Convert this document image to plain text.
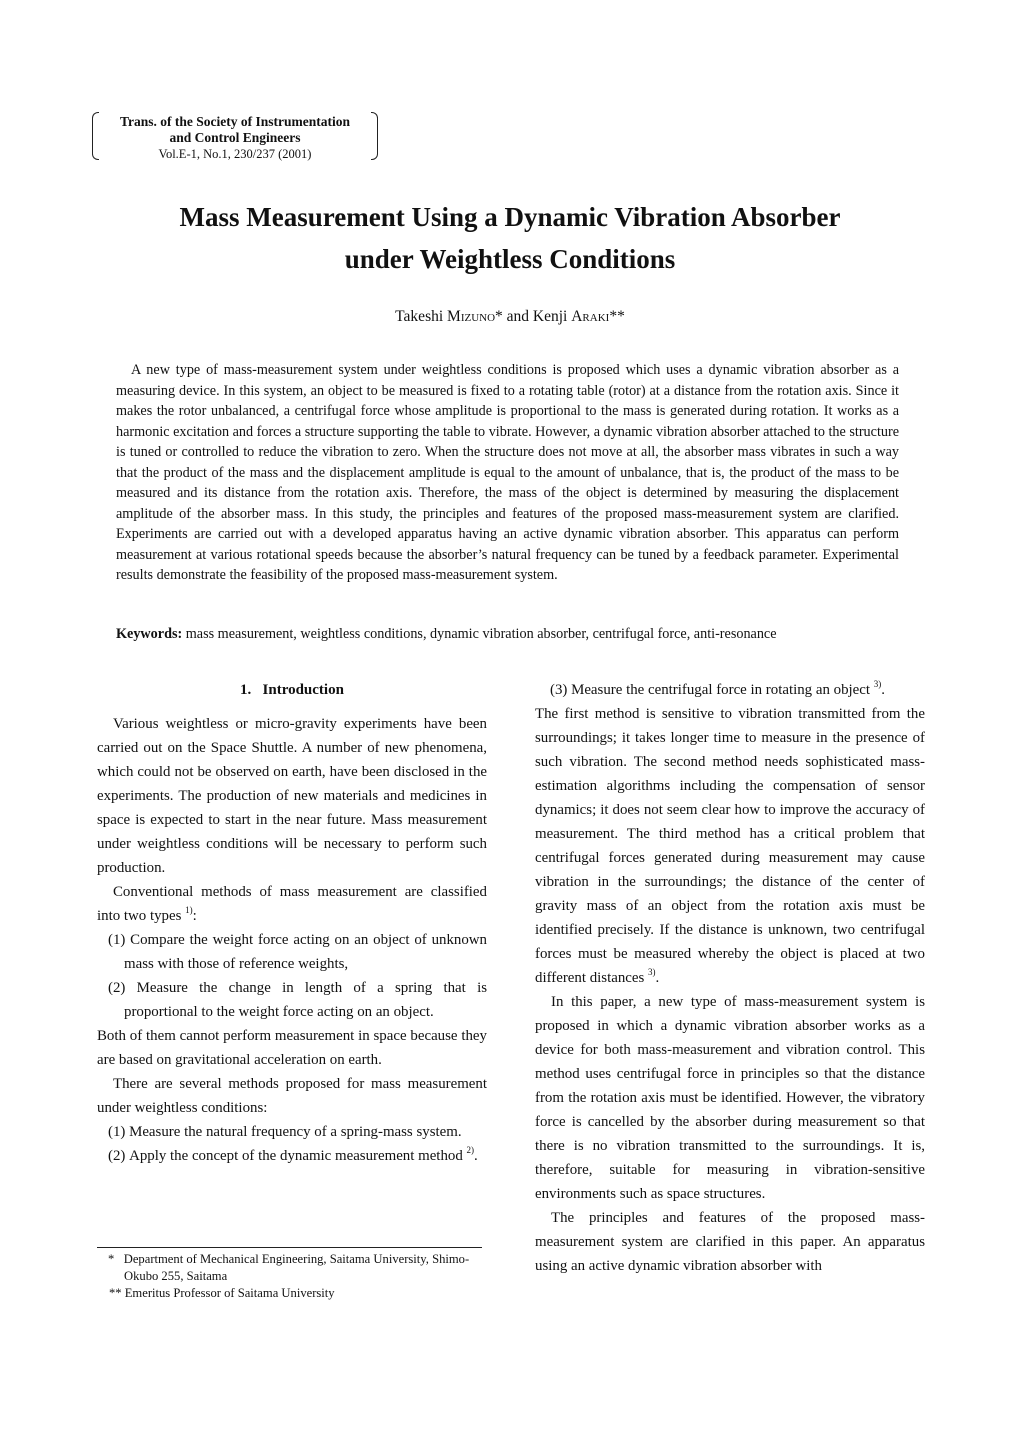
Trans. of the Society of Instrumentation
and Control Engineers
Vol.E-1, No.1, 230/237 (2001)
Mass Measurement Using a Dynamic Vibration Absorber
under Weightless Conditions
Takeshi Mizuno* and Kenji Araki**

A new type of mass-measurement system under weightless conditions is proposed which uses a dynamic vibration absorber as a measuring device. In this system, an object to be measured is fixed to a rotating table (rotor) at a distance from the rotation axis. Since it makes the rotor unbalanced, a centrifugal force whose amplitude is proportional to the mass is generated during rotation. It works as a harmonic excitation and forces a structure supporting the table to vibrate. However, a dynamic vibration absorber attached to the structure is tuned or controlled to reduce the vibration to zero. When the structure does not move at all, the absorber mass vibrates in such a way that the product of the mass and the displacement amplitude is equal to the amount of unbalance, that is, the product of the mass to be measured and its distance from the rotation axis. Therefore, the mass of the object is determined by measuring the displacement amplitude of the absorber mass. In this study, the principles and features of the proposed mass-measurement system are clarified. Experiments are carried out with a developed apparatus having an active dynamic vibration absorber. This apparatus can perform measurement at various rotational speeds because the absorber’s natural frequency can be tuned by a feedback parameter. Experimental results demonstrate the feasibility of the proposed mass-measurement system.

Keywords: mass measurement, weightless conditions, dynamic vibration absorber, centrifugal force, anti-resonance

1.   Introduction

Various weightless or micro-gravity experiments have been carried out on the Space Shuttle. A number of new phenomena, which could not be observed on earth, have been disclosed in the experiments. The production of new materials and medicines in space is expected to start in the near future. Mass measurement under weightless conditions will be necessary to perform such production.

Conventional methods of mass measurement are classified into two types $^{1)}$:

(1) Compare the weight force acting on an object of unknown mass with those of reference weights,

(2) Measure the change in length of a spring that is proportional to the weight force acting on an object.

Both of them cannot perform measurement in space because they are based on gravitational acceleration on earth.

There are several methods proposed for mass measurement under weightless conditions:

(1) Measure the natural frequency of a spring-mass system.

(2) Apply the concept of the dynamic measurement method $^{2)}$.

*   Department of Mechanical Engineering, Saitama University, Shimo-Okubo 255, Saitama

** Emeritus Professor of Saitama University

(3) Measure the centrifugal force in rotating an object $^{3)}$.

The first method is sensitive to vibration transmitted from the surroundings; it takes longer time to measure in the presence of such vibration. The second method needs sophisticated mass-estimation algorithms including the compensation of sensor dynamics; it does not seem clear how to improve the accuracy of measurement. The third method has a critical problem that centrifugal forces generated during measurement may cause vibration in the surroundings; the distance of the center of gravity mass of an object from the rotation axis must be identified precisely. If the distance is unknown, two centrifugal forces must be measured whereby the object is placed at two different distances $^{3)}$.

In this paper, a new type of mass-measurement system is proposed in which a dynamic vibration absorber works as a device for both mass-measurement and vibration control. This method uses centrifugal force in principles so that the distance from the rotation axis must be identified. However, the vibratory force is cancelled by the absorber during measurement so that there is no vibration transmitted to the surroundings. It is, therefore, suitable for measuring in vibration-sensitive environments such as space structures.

The principles and features of the proposed mass-measurement system are clarified in this paper. An apparatus using an active dynamic vibration absorber with
